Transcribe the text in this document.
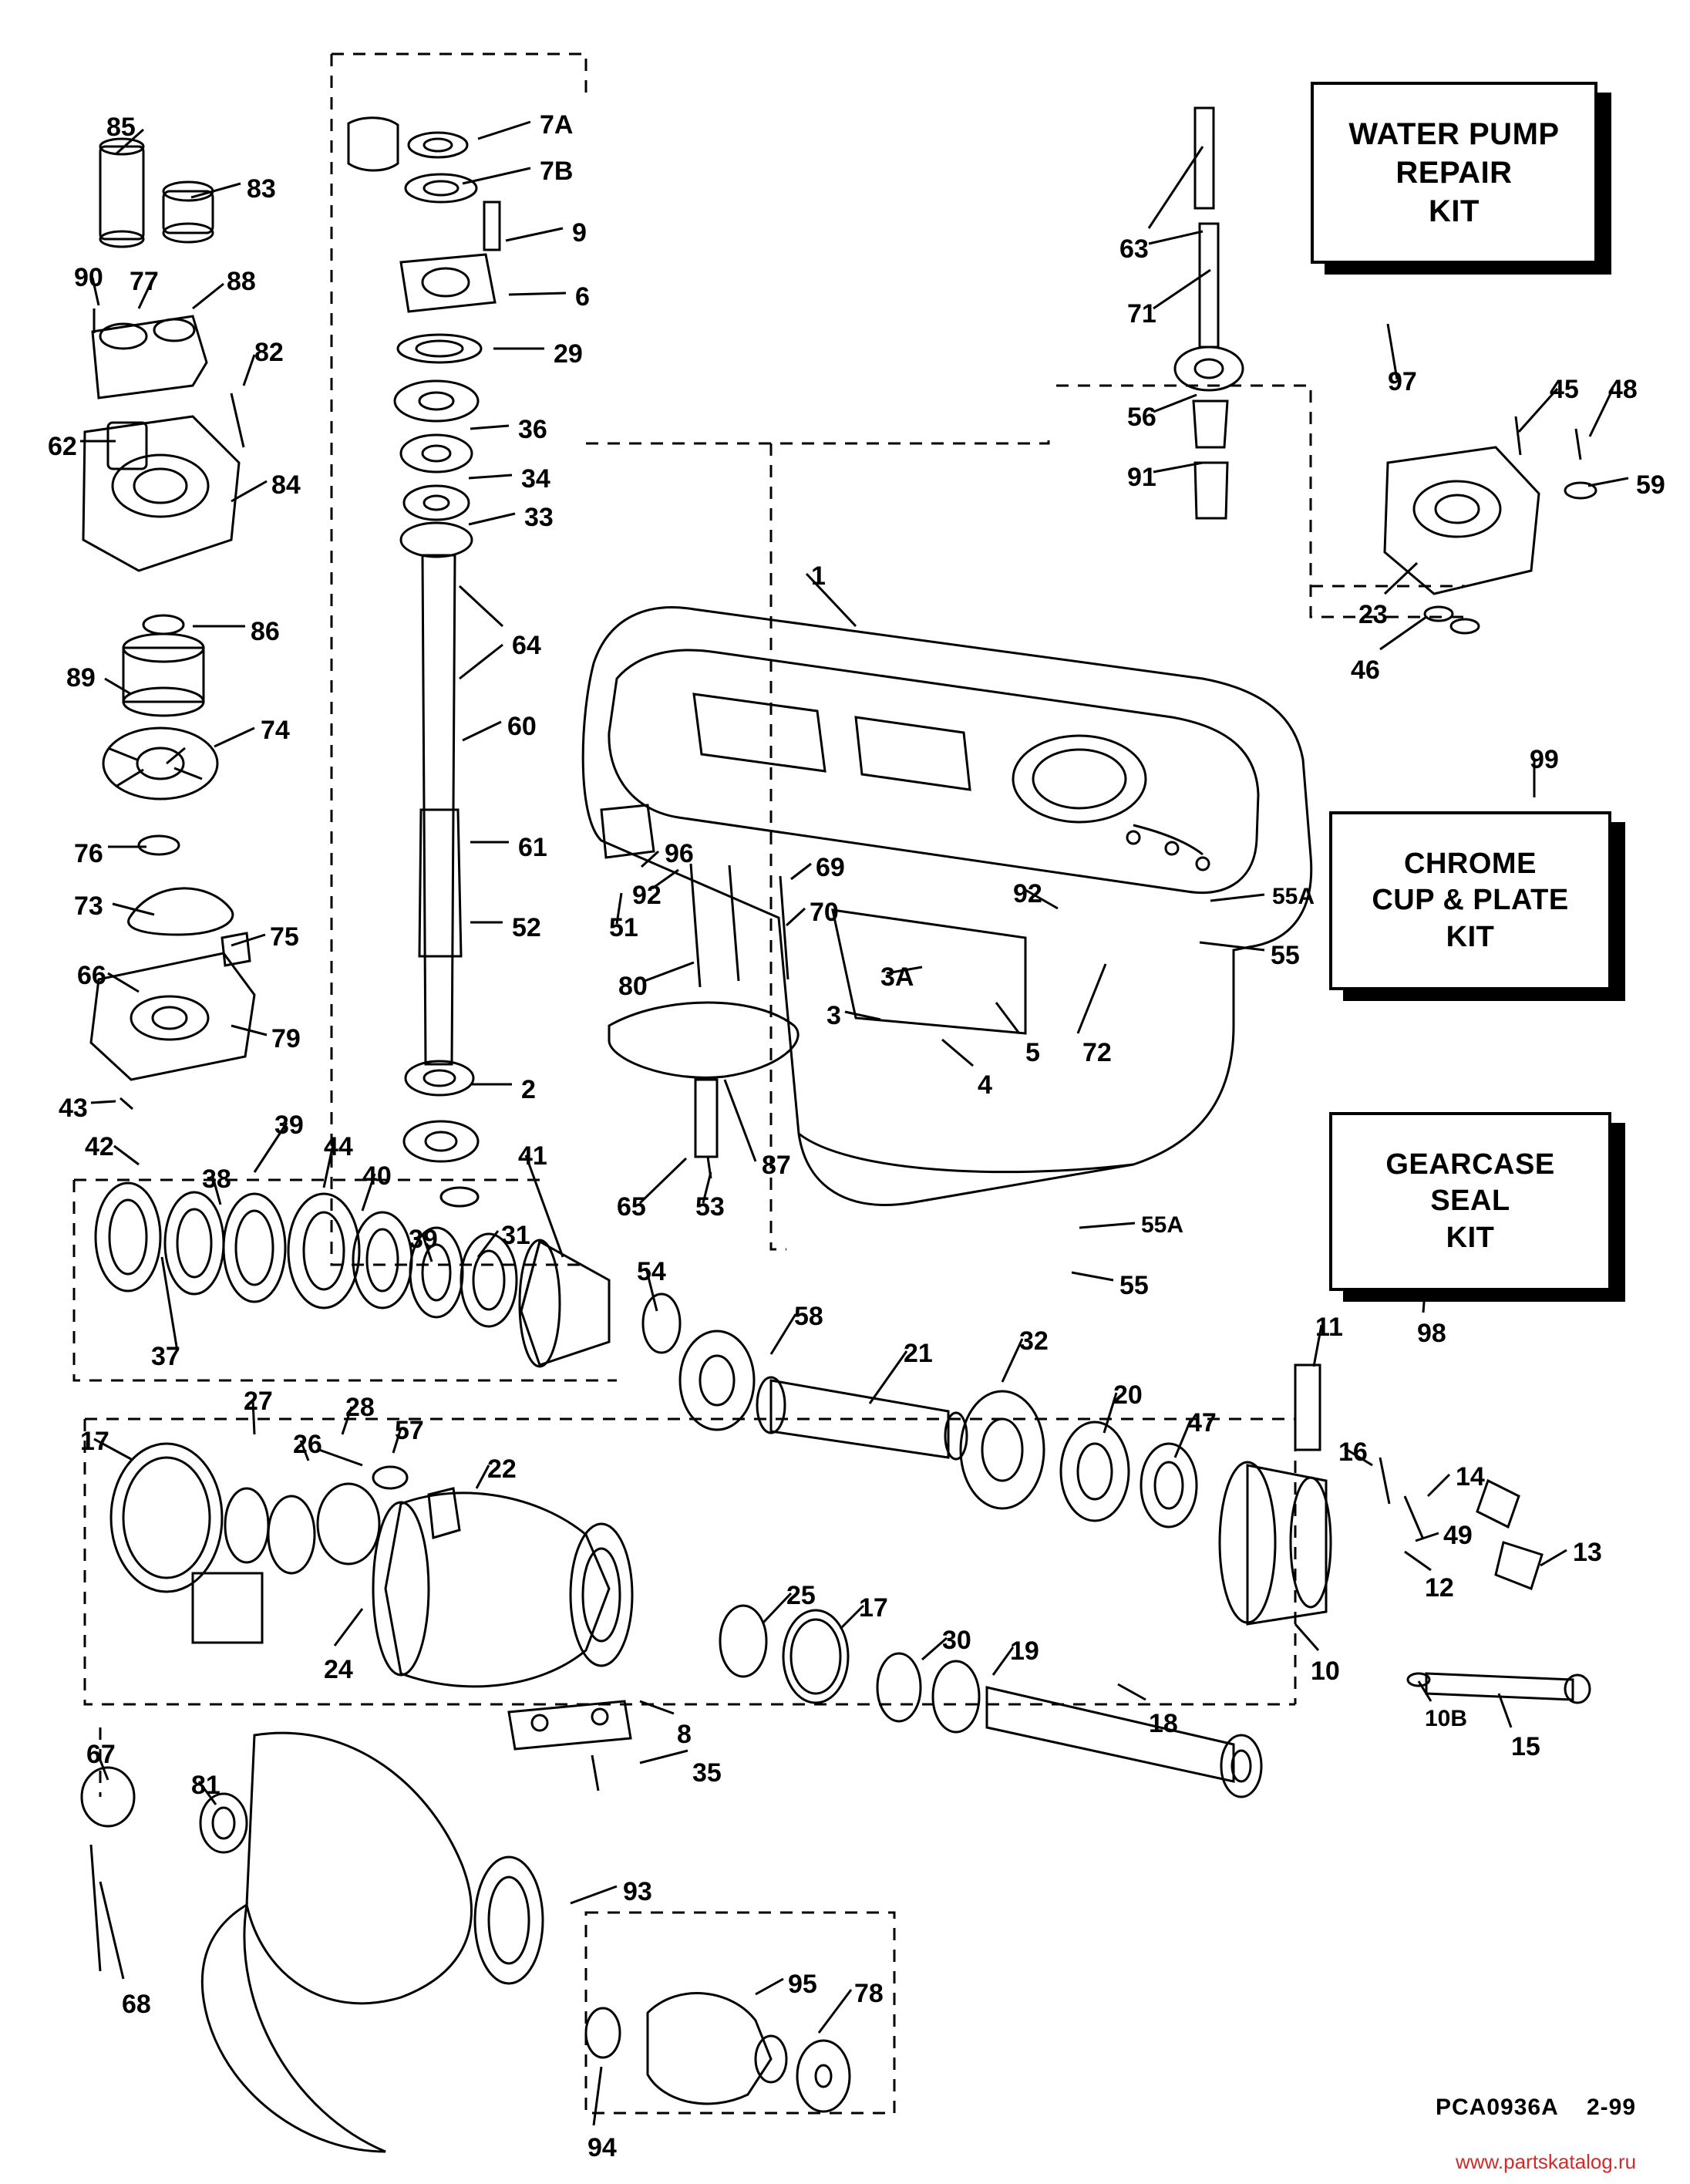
WATER PUMP
REPAIR
KIT
CHROME
CUP & PLATE
KIT
GEARCASE
SEAL
KIT
85
83
90 77	88
82
62
84
86
89
74
76
73
75
66
79
43
42
38
39
44
40
39 31
41
37
7A
7B
9
6
29
36
34
33
64
60
61
52
2
1
96
92
51
69
70
80	3A
3
5 72
4
92	55A
55
55A
55
65 53
87
54
58
21	32
20
47
11
16
14
49
13
12
10
10B
15
17
27
26
28
57
22
24
25 17
30 19
18
8
35
67
81
68
93
95 78
94
63
71
56
91
97	45 48
59
23
46
99
98
PCA0936A 2-99
www.partskatalog.ru
